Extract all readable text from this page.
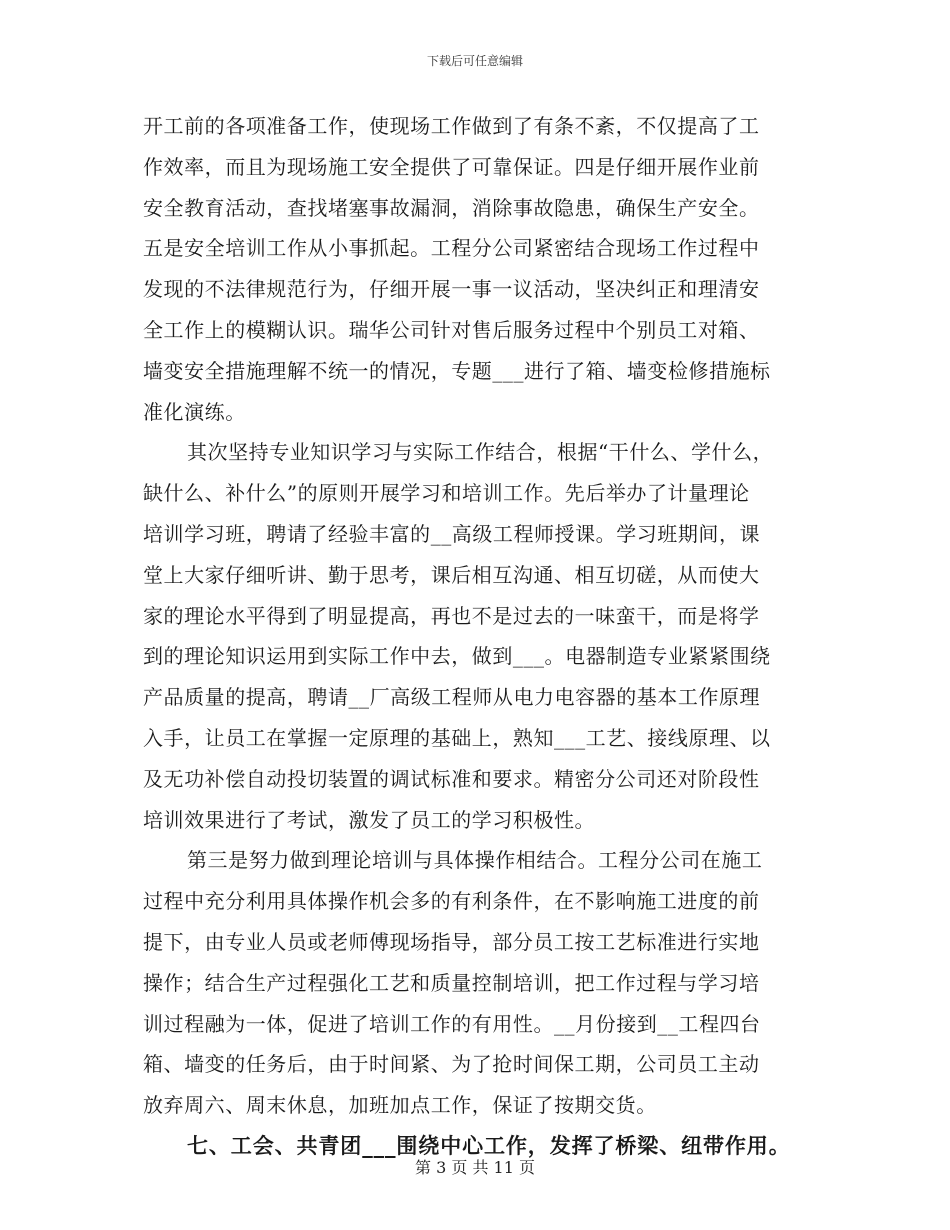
下载后可任意编辑
开工前的各项准备工作，使现场工作做到了有条不紊，不仅提高了工
作效率，而且为现场施工安全提供了可靠保证。四是仔细开展作业前
安全教育活动，查找堵塞事故漏洞，消除事故隐患，确保生产安全。
五是安全培训工作从小事抓起。工程分公司紧密结合现场工作过程中
发现的不法律规范行为，仔细开展一事一议活动，坚决纠正和理清安
全工作上的模糊认识。瑞华公司针对售后服务过程中个别员工对箱、
墙变安全措施理解不统一的情况，专题___进行了箱、墙变检修措施标
准化演练。
其次坚持专业知识学习与实际工作结合，根据“干什么、学什么，
缺什么、补什么”的原则开展学习和培训工作。先后举办了计量理论
培训学习班，聘请了经验丰富的__高级工程师授课。学习班期间，课
堂上大家仔细听讲、勤于思考，课后相互沟通、相互切磋，从而使大
家的理论水平得到了明显提高，再也不是过去的一味蛮干，而是将学
到的理论知识运用到实际工作中去，做到___。电器制造专业紧紧围绕
产品质量的提高，聘请__厂高级工程师从电力电容器的基本工作原理
入手，让员工在掌握一定原理的基础上，熟知___工艺、接线原理、以
及无功补偿自动投切装置的调试标准和要求。精密分公司还对阶段性
培训效果进行了考试，激发了员工的学习积极性。
第三是努力做到理论培训与具体操作相结合。工程分公司在施工
过程中充分利用具体操作机会多的有利条件，在不影响施工进度的前
提下，由专业人员或老师傅现场指导，部分员工按工艺标准进行实地
操作；结合生产过程强化工艺和质量控制培训，把工作过程与学习培
训过程融为一体，促进了培训工作的有用性。__月份接到__工程四台
箱、墙变的任务后，由于时间紧、为了抢时间保工期，公司员工主动
放弃周六、周末休息，加班加点工作，保证了按期交货。
七、工会、共青团___围绕中心工作，发挥了桥梁、纽带作用。
第 3 页 共 11 页
